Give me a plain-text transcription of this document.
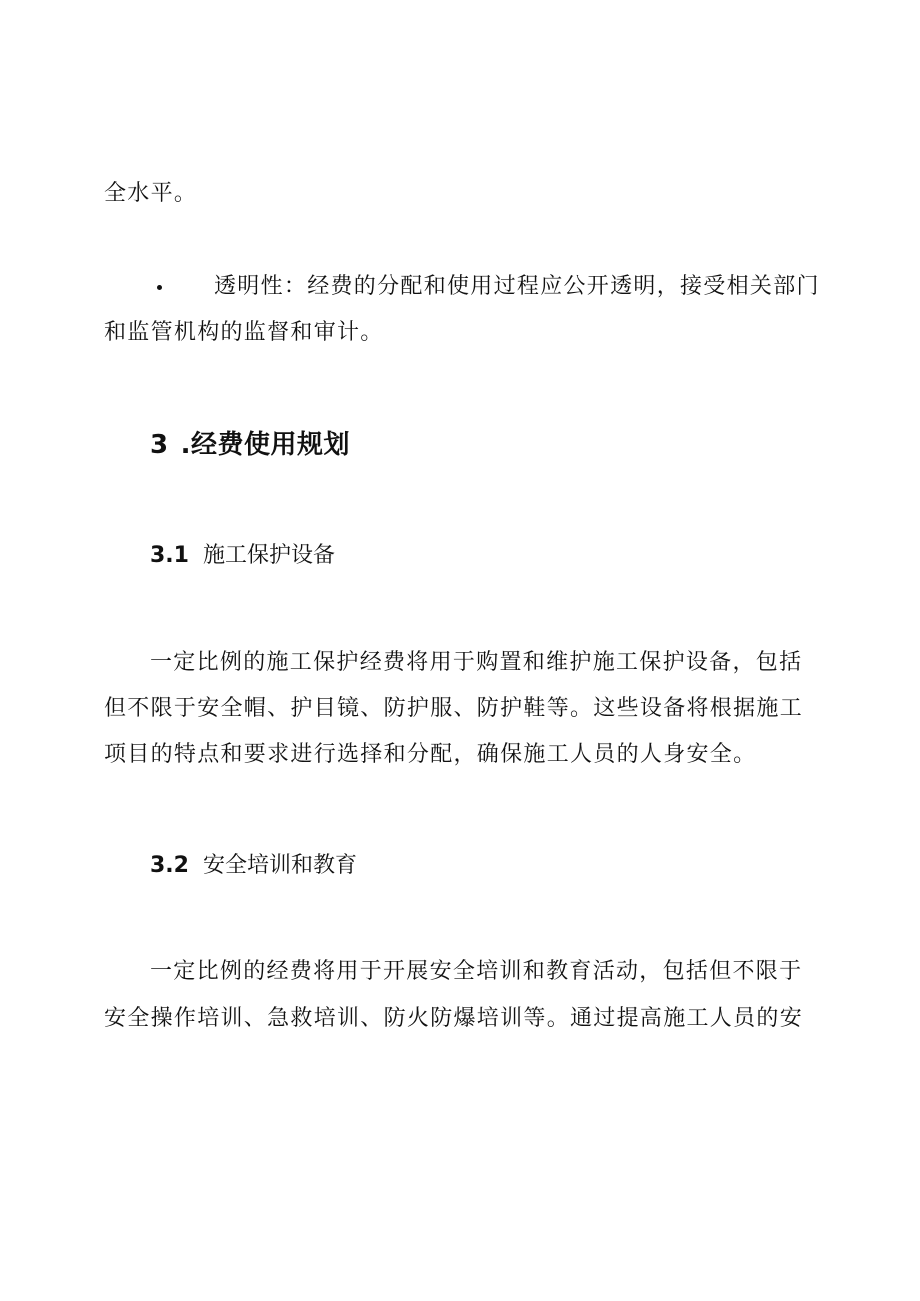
全水平。
透明性：经费的分配和使用过程应公开透明，接受相关部门
和监管机构的监督和审计。
3 .经费使用规划
3.1 施工保护设备
一定比例的施工保护经费将用于购置和维护施工保护设备，包括
但不限于安全帽、护目镜、防护服、防护鞋等。这些设备将根据施工
项目的特点和要求进行选择和分配，确保施工人员的人身安全。
3.2 安全培训和教育
一定比例的经费将用于开展安全培训和教育活动，包括但不限于
安全操作培训、急救培训、防火防爆培训等。通过提高施工人员的安
